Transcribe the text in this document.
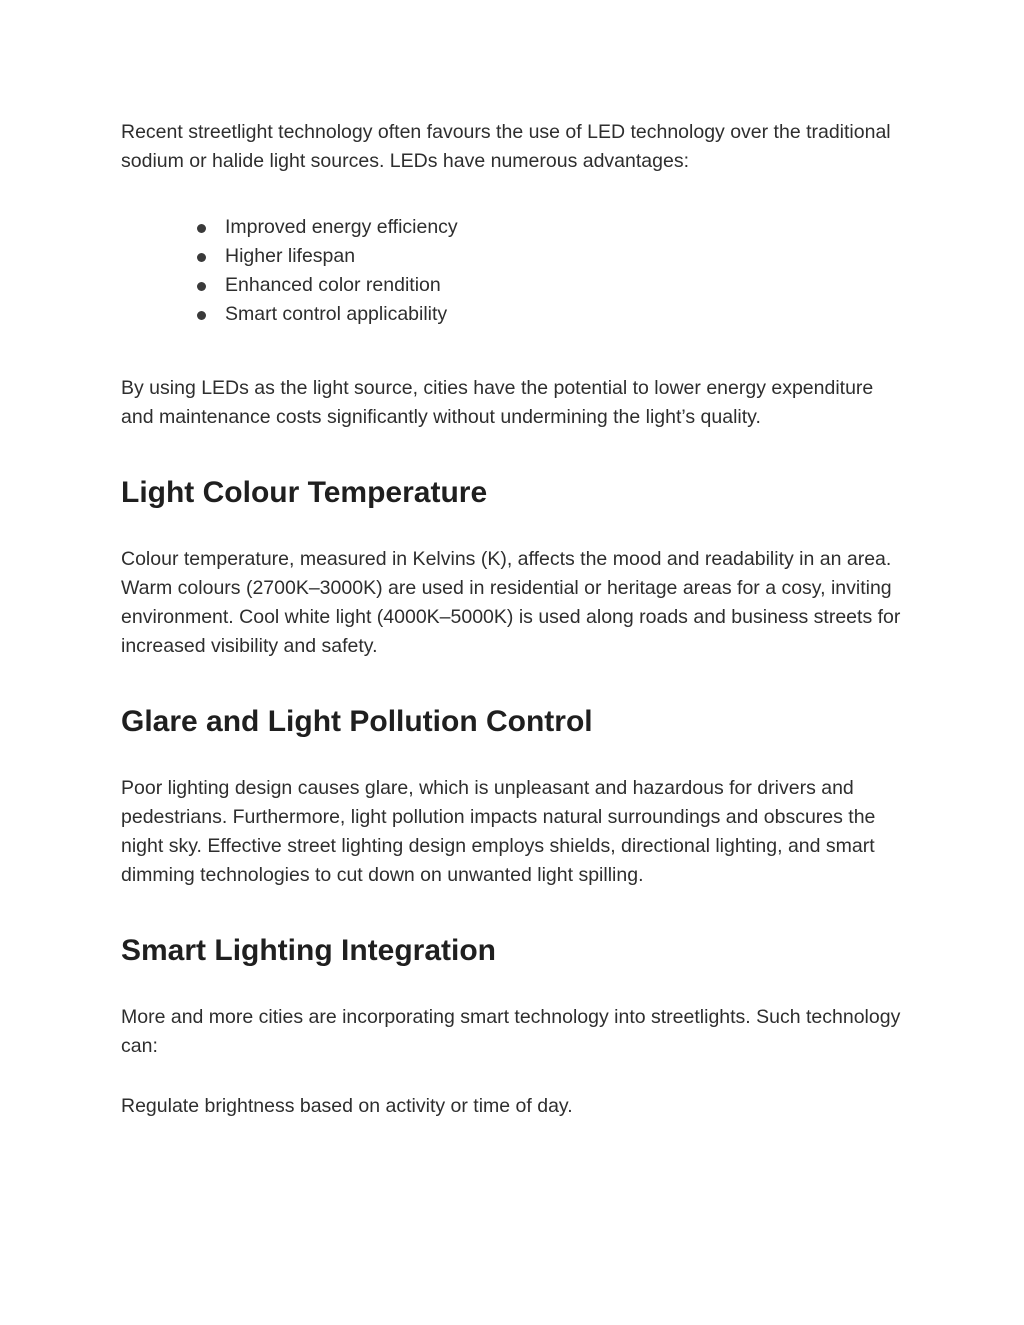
Recent streetlight technology often favours the use of LED technology over the traditional sodium or halide light sources. LEDs have numerous advantages:

Improved energy efficiency
Higher lifespan
Enhanced color rendition
Smart control applicability

By using LEDs as the light source, cities have the potential to lower energy expenditure and maintenance costs significantly without undermining the light’s quality.

Light Colour Temperature

Colour temperature, measured in Kelvins (K), affects the mood and readability in an area. Warm colours (2700K–3000K) are used in residential or heritage areas for a cosy, inviting environment. Cool white light (4000K–5000K) is used along roads and business streets for increased visibility and safety.

Glare and Light Pollution Control

Poor lighting design causes glare, which is unpleasant and hazardous for drivers and pedestrians. Furthermore, light pollution impacts natural surroundings and obscures the night sky. Effective street lighting design employs shields, directional lighting, and smart dimming technologies to cut down on unwanted light spilling.

Smart Lighting Integration

More and more cities are incorporating smart technology into streetlights. Such technology can:

Regulate brightness based on activity or time of day.
